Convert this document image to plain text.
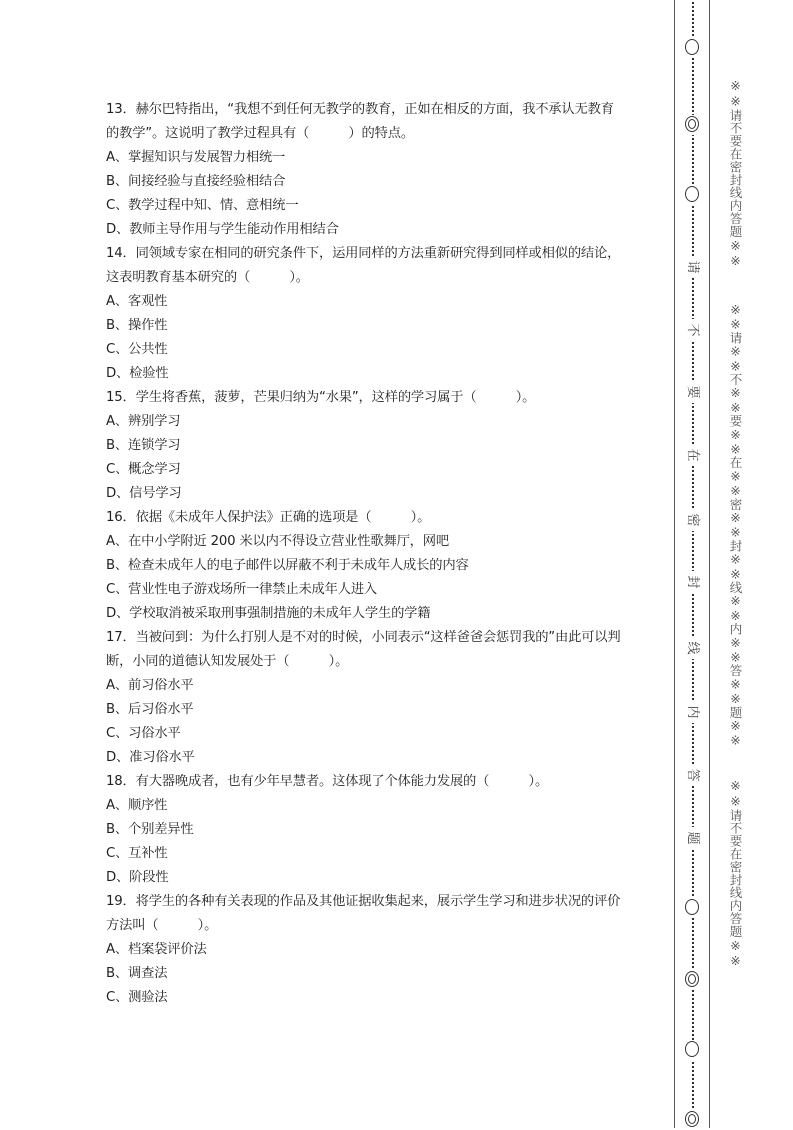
13．赫尔巴特指出，“我想不到任何无教学的教育，正如在相反的方面，我不承认无教育
的教学”。这说明了教学过程具有（　　　）的特点。
A、掌握知识与发展智力相统一
B、间接经验与直接经验相结合
C、教学过程中知、情、意相统一
D、教师主导作用与学生能动作用相结合
14．同领域专家在相同的研究条件下，运用同样的方法重新研究得到同样或相似的结论，
这表明教育基本研究的（　　　）。
A、客观性
B、操作性
C、公共性
D、检验性
15．学生将香蕉，菠萝，芒果归纳为“水果”，这样的学习属于（　　　）。
A、辨别学习
B、连锁学习
C、概念学习
D、信号学习
16．依据《未成年人保护法》正确的选项是（　　　）。
A、在中小学附近 200 米以内不得设立营业性歌舞厅，网吧
B、检查未成年人的电子邮件以屏蔽不利于未成年人成长的内容
C、营业性电子游戏场所一律禁止未成年人进入
D、学校取消被采取刑事强制措施的未成年人学生的学籍
17．当被问到：为什么打别人是不对的时候，小同表示“这样爸爸会惩罚我的”由此可以判
断，小同的道德认知发展处于（　　　）。
A、前习俗水平
B、后习俗水平
C、习俗水平
D、准习俗水平
18．有大器晚成者，也有少年早慧者。这体现了个体能力发展的（　　　）。
A、顺序性
B、个别差异性
C、互补性
D、阶段性
19．将学生的各种有关表现的作品及其他证据收集起来，展示学生学习和进步状况的评价
方法叫（　　　）。
A、档案袋评价法
B、调查法
C、测验法
请
不
要
在
密
封
线
内
答
题
※※请不要在密封线内答题※※
※※请※※不※※要※※在※※密※※封※※线※※内※※答※※题※※
※※请不要在密封线内答题※※
